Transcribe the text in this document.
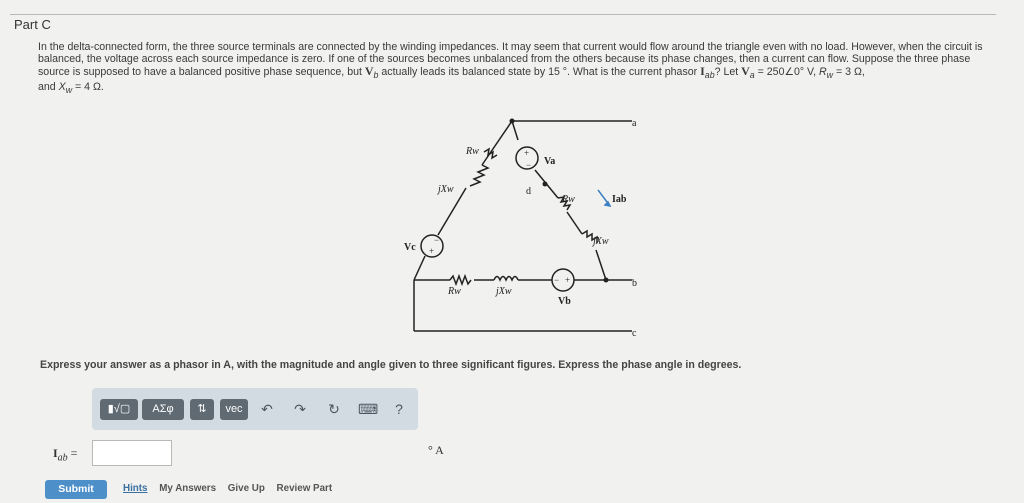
Part C
In the delta-connected form, the three source terminals are connected by the winding impedances. It may seem that current would flow around the triangle even with no load. However, when the circuit is balanced, the voltage across each source impedance is zero. If one of the sources becomes unbalanced from the others because its phase changes, then a current can flow. Suppose the three phase source is supposed to have a balanced positive phase sequence, but $V_b$ actually leads its balanced state by 15 °. What is the current phasor $I_{ab}$? Let $V_a$ = 250∠0° V, $R_w = 3$ Ω,
and $X_w = 4$ Ω.
a
b
c
d
Rw
jXw
Rw
jXw
Rw	jXw
Va
Vb
Vc
Iab
+
−
+
−
+
−
Express your answer as a phasor in A, with the magnitude and angle given to three significant figures. Express the phase angle in degrees.
▮√▢	ΑΣφ	⇅	vec	↶ ↷ ↻ ⌨	?
$I_{ab}$ =	° A
Submit	Hints My Answers Give Up Review Part
